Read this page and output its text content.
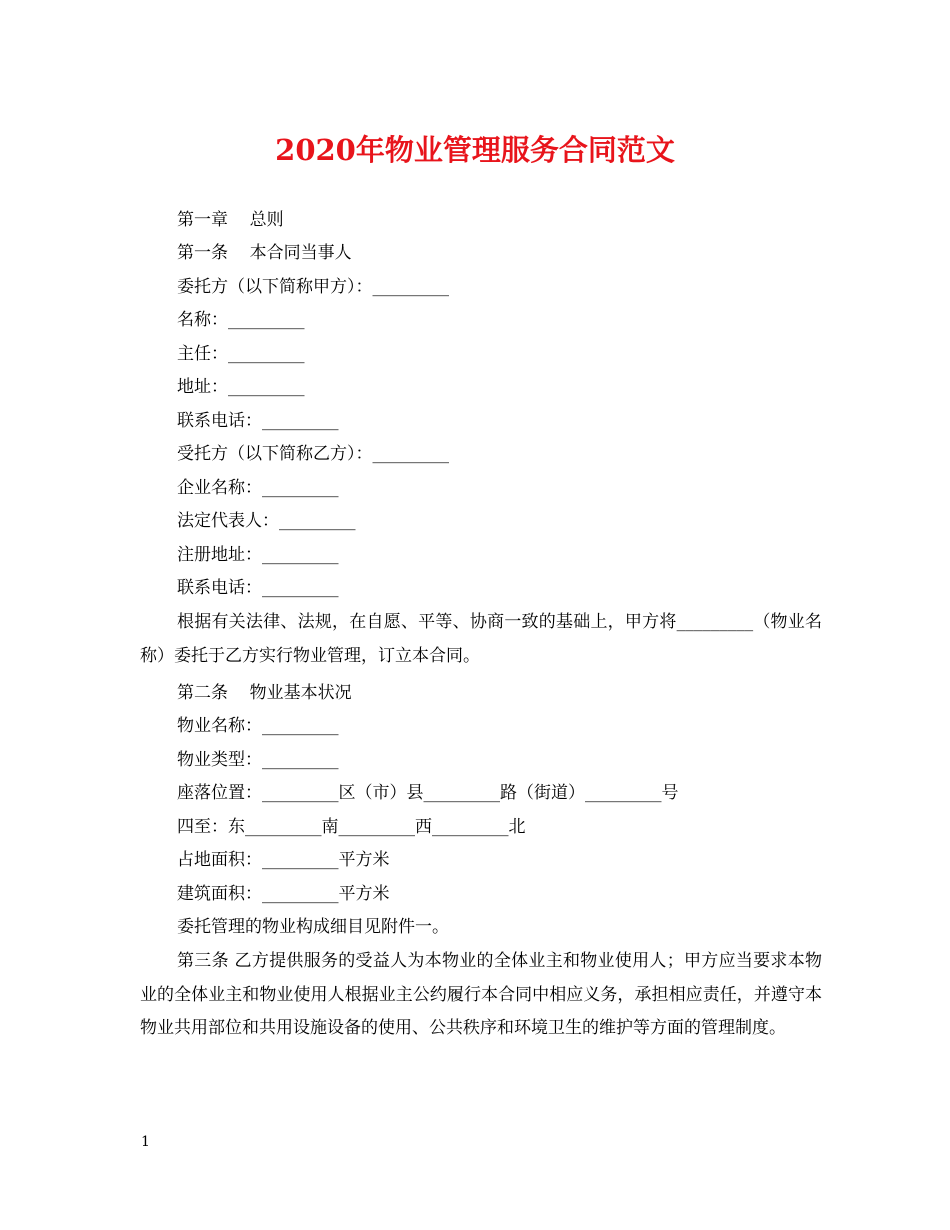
2020年物业管理服务合同范文
第一章    总则
第一条    本合同当事人
委托方（以下简称甲方）：_________
名称：_________
主任：_________
地址：_________
联系电话：_________
受托方（以下简称乙方）：_________
企业名称：_________
法定代表人：_________
注册地址：_________
联系电话：_________
根据有关法律、法规，在自愿、平等、协商一致的基础上，甲方将_________（物业名称）委托于乙方实行物业管理，订立本合同。
第二条    物业基本状况
物业名称：_________
物业类型：_________
座落位置：_________区（市）县_________路（街道）_________号
四至：东_________南_________西_________北
占地面积：_________平方米
建筑面积：_________平方米
委托管理的物业构成细目见附件一。
第三条 乙方提供服务的受益人为本物业的全体业主和物业使用人；甲方应当要求本物业的全体业主和物业使用人根据业主公约履行本合同中相应义务，承担相应责任，并遵守本物业共用部位和共用设施设备的使用、公共秩序和环境卫生的维护等方面的管理制度。
1
